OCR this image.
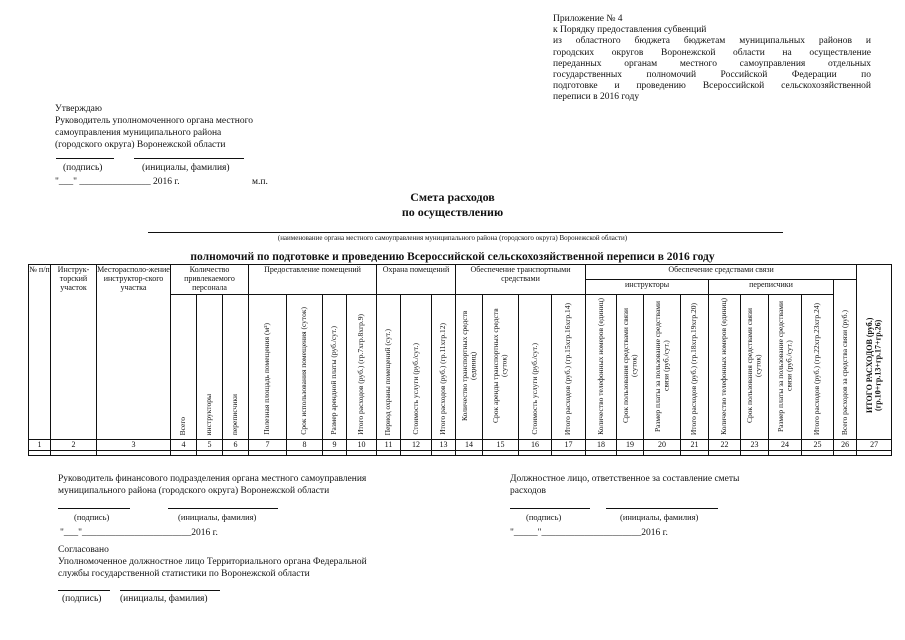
Приложение № 4
к Порядку предоставления субвенций
из областного бюджета бюджетам муниципальных районов и
городских округов Воронежской области на осуществление
переданных органам местного самоуправления отдельных
государственных полномочий Российской Федерации по
подготовке и проведению Всероссийской сельскохозяйственной
переписи в 2016 году
Утверждаю
Руководитель уполномоченного органа местного
самоуправления муниципального района
(городского округа) Воронежской области
(подпись)	(инициалы, фамилия)
"___" _______________ 2016 г.	м.п.
Смета расходов
по осуществлению
(наименование органа местного самоуправления муниципального района (городского округа) Воронежской области)
полномочий по подготовке и проведению Всероссийской сельскохозяйственной переписи в 2016 году
№ п/п	Инструк-торский участок	Месторасполо-жение инструктор-ского участка	Количество привлекаемого персонала			Предоставление помещений				Охрана помещений			Обеспечение транспортными средствами				Обеспечение средствами связи									ИТОГО РАСХОДОВ (руб.) (гр.10+гр.13+гр.17+гр.26)
																	инструкторы				переписчики				Всего расходов за средства связи (руб.)	
			Всего	инструкторы	переписчики	Полезная площадь помещения (м²)	Срок использования помещения (суток)	Размер арендной платы (руб./сут.)	Итого расходов (руб.) (гр.7хгр.8хгр.9)	Период охраны помещений (сут.)	Стоимость услуги (руб./сут.)	Итого расходов (руб.) (гр.11хгр.12)	Количество транспортных средств (единиц)	Срок аренды транспортных средств (суток)	Стоимость услуги (руб./сут.)	Итого расходов (руб.) (гр.15хгр.16хгр.14)	Количество телефонных номеров (единиц)	Срок пользования средствами связи (суток)	Размер платы за пользование средствами связи (руб./сут.)	Итого расходов (руб.) (гр.18хгр.19хгр.20)	Количество телефонных номеров (единиц)	Срок пользования средствами связи (суток)	Размер платы за пользование средствами связи (руб./сут.)	Итого расходов (руб.) (гр.22хгр.23хгр.24)		
1	2	3	4	5	6	7	8	9	10	11	12	13	14	15	16	17	18	19	20	21	22	23	24	25	26	27

Руководитель финансового подразделения органа местного самоуправления
муниципального района (городского округа) Воронежской области
(подпись)	(инициалы, фамилия)
"___"_______________________2016 г.
Должностное лицо, ответственное за составление сметы
расходов
(подпись)	(инициалы, фамилия)
"_____"_____________________2016 г.
Согласовано
Уполномоченное должностное лицо Территориального органа Федеральной
службы государственной статистики по Воронежской области
(подпись) (инициалы, фамилия)
